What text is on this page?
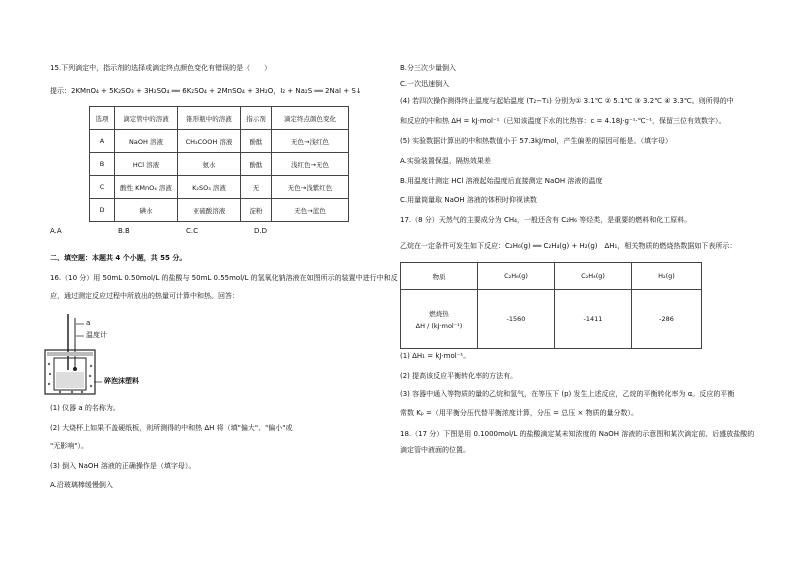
15.下列滴定中，指示剂的选择或滴定终点颜色变化有错误的是（　　）
提示：2KMnO₄ + 5K₂SO₃ + 3H₂SO₄ ══ 6K₂SO₄ + 2MnSO₄ + 3H₂O，I₂ + Na₂S ══ 2NaI + S↓
选项	滴定管中的溶液	锥形瓶中的溶液	指示剂	滴定终点颜色变化
A	NaOH 溶液	CH₃COOH 溶液	酚酞	无色→浅红色
B	HCl 溶液	氨水	酚酞	浅红色→无色
C	酸性 KMnO₄ 溶液	K₂SO₃ 溶液	无	无色→浅紫红色
D	碘水	亚硫酸溶液	淀粉	无色→蓝色
A.A	B.B	C.C	D.D
二、填空题：本题共 4 个小题，共 55 分。
16.（10 分）用 50mL 0.50mol/L 的盐酸与 50mL 0.55mol/L 的氢氧化钠溶液在如图所示的装置中进行中和反
应，通过测定反应过程中所放出的热量可计算中和热。回答：
a
温度计
碎泡沫塑料
(1) 仪器 a 的名称为。
(2) 大烧杯上如果不盖硬纸板，则所测得的中和热 ΔH 将（填"偏大"、"偏小"或
"无影响"）。
(3) 倒入 NaOH 溶液的正确操作是（填字母）。
A.沿玻璃棒缓慢倒入
B.分三次少量倒入
C.一次迅速倒入
(4) 若四次操作测得终止温度与起始温度 (T₂−T₁) 分别为① 3.1℃ ② 5.1℃ ③ 3.2℃ ④ 3.3℃。则所得的中
和反应的中和热 ΔH = kJ·mol⁻¹（已知该温度下水的比热容：c = 4.18J·g⁻¹·℃⁻¹，保留三位有效数字）。
(5) 实验数据计算出的中和热数值小于 57.3kJ/mol，产生偏差的原因可能是。（填字母）
A.实验装置保温、隔热效果差
B.用温度计测定 HCl 溶液起始温度后直接测定 NaOH 溶液的温度
C.用量筒量取 NaOH 溶液的体积时仰视读数
17.（8 分）天然气的主要成分为 CH₄，一般还含有 C₂H₆ 等烃类，是重要的燃料和化工原料。
乙烷在一定条件可发生如下反应：C₂H₆(g) ══ C₂H₄(g) + H₂(g)　ΔH₁，相关物质的燃烧热数据如下表所示：
物质	C₂H₆(g)	C₂H₄(g)	H₂(g)

燃烧热
ΔH / (kJ·mol⁻¹)	-1560	-1411	-286
(1) ΔH₁ = kJ·mol⁻¹。
(2) 提高该反应平衡转化率的方法有。
(3) 容器中通入等物质的量的乙烷和氢气，在等压下 (p) 发生上述反应，乙烷的平衡转化率为 α。反应的平衡
常数 Kₚ =（用平衡分压代替平衡浓度计算，分压 = 总压 × 物质的量分数）。
18.（17 分）下图是用 0.1000mol/L 的盐酸滴定某未知浓度的 NaOH 溶液的示意图和某次滴定前、后盛放盐酸的
滴定管中液面的位置。
